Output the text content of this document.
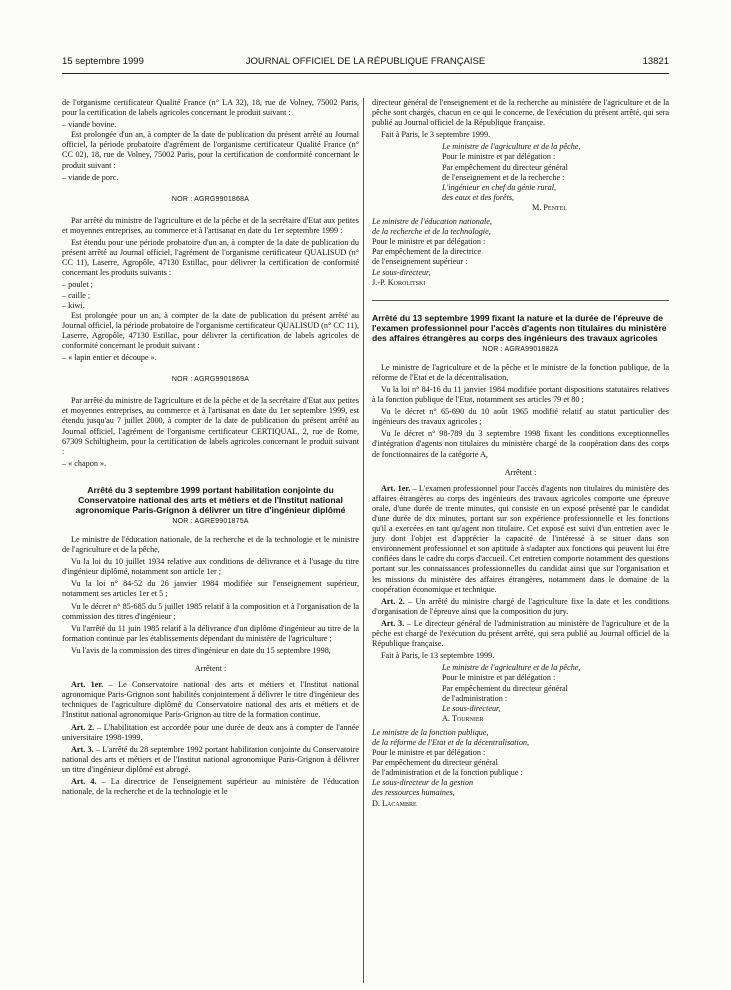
15 septembre 1999	JOURNAL OFFICIEL DE LA RÉPUBLIQUE FRANÇAISE	13821

de l'organisme certificateur Qualité France (n° LA 32), 18, rue de Volney, 75002 Paris, pour la certification de labels agricoles concernant le produit suivant :

– viande bovine.

Est prolongée d'un an, à compter de la date de publication du présent arrêté au Journal officiel, la période probatoire d'agrément de l'organisme certificateur Qualité France (n° CC 02), 18, rue de Volney, 75002 Paris, pour la certification de conformité concernant le produit suivant :

– viande de porc.

NOR : AGRG9901868A

Par arrêté du ministre de l'agriculture et de la pêche et de la secrétaire d'Etat aux petites et moyennes entreprises, au commerce et à l'artisanat en date du 1er septembre 1999 :

Est étendu pour une période probatoire d'un an, à compter de la date de publication du présent arrêté au Journal officiel, l'agrément de l'organisme certificateur QUALISUD (n° CC 11), Laserre, Agropôle, 47130 Estillac, pour délivrer la certification de conformité concernant les produits suivants :

– poulet ;

– caille ;

– kiwi.

Est prolongée pour un an, à compter de la date de publication du présent arrêté au Journal officiel, la période probatoire de l'organisme certificateur QUALISUD (n° CC 11), Laserre, Agropôle, 47130 Estillac, pour délivrer la certification de labels agricoles de conformité concernant le produit suivant :

– « lapin entier et découpe ».

NOR : AGRG9901869A

Par arrêté du ministre de l'agriculture et de la pêche et de la secrétaire d'Etat aux petites et moyennes entreprises, au commerce et à l'artisanat en date du 1er septembre 1999, est étendu jusqu'au 7 juillet 2000, à compter de la date de publication du présent arrêté au Journal officiel, l'agrément de l'organisme certificateur CERTIQUAL, 2, rue de Rome, 67309 Schiltigheim, pour la certification de labels agricoles concernant le produit suivant :

– « chapon ».

Arrêté du 3 septembre 1999 portant habilitation conjointe du Conservatoire national des arts et métiers et de l'Institut national agronomique Paris-Grignon à délivrer un titre d'ingénieur diplômé
NOR : AGRE9901875A

Le ministre de l'éducation nationale, de la recherche et de la technologie et le ministre de l'agriculture et de la pêche,

Vu la loi du 10 juillet 1934 relative aux conditions de délivrance et à l'usage du titre d'ingénieur diplômé, notamment son article 1er ;

Vu la loi n° 84-52 du 26 janvier 1984 modifiée sur l'enseignement supérieur, notamment ses articles 1er et 5 ;

Vu le décret n° 85-685 du 5 juillet 1985 relatif à la composition et à l'organisation de la commission des titres d'ingénieur ;

Vu l'arrêté du 11 juin 1985 relatif à la délivrance d'un diplôme d'ingénieur au titre de la formation continue par les établissements dépendant du ministère de l'agriculture ;

Vu l'avis de la commission des titres d'ingénieur en date du 15 septembre 1998,

Arrêtent :

Art. 1er. – Le Conservatoire national des arts et métiers et l'Institut national agronomique Paris-Grignon sont habilités conjointement à délivrer le titre d'ingénieur des techniques de l'agriculture diplômé du Conservatoire national des arts et métiers et de l'Institut national agronomique Paris-Grignon au titre de la formation continue.

Art. 2. – L'habilitation est accordée pour une durée de deux ans à compter de l'année universitaire 1998-1999.

Art. 3. – L'arrêté du 28 septembre 1992 portant habilitation conjointe du Conservatoire national des arts et métiers et de l'Institut national agronomique Paris-Grignon à délivrer un titre d'ingénieur diplômé est abrogé.

Art. 4. – La directrice de l'enseignement supérieur au ministère de l'éducation nationale, de la recherche et de la technologie et le

directeur général de l'enseignement et de la recherche au ministère de l'agriculture et de la pêche sont chargés, chacun en ce qui le concerne, de l'exécution du présent arrêté, qui sera publié au Journal officiel de la République française.

Fait à Paris, le 3 septembre 1999.

Le ministre de l'agriculture et de la pêche,

Pour le ministre et par délégation :

Par empêchement du directeur général

de l'enseignement et de la recherche :

L'ingénieur en chef du génie rural,

des eaux et des forêts,

M. Pentel

Le ministre de l'éducation nationale,

de la recherche et de la technologie,

Pour le ministre et par délégation :

Par empêchement de la directrice

de l'enseignement supérieur :

Le sous-directeur,

J.-P. Korolitski

Arrêté du 13 septembre 1999 fixant la nature et la durée de l'épreuve de l'examen professionnel pour l'accès d'agents non titulaires du ministère des affaires étrangères au corps des ingénieurs des travaux agricoles
NOR : AGRA9901882A

Le ministre de l'agriculture et de la pêche et le ministre de la fonction publique, de la réforme de l'Etat et de la décentralisation,

Vu la loi n° 84-16 du 11 janvier 1984 modifiée portant dispositions statutaires relatives à la fonction publique de l'Etat, notamment ses articles 79 et 80 ;

Vu le décret n° 65-690 du 10 août 1965 modifié relatif au statut particulier des ingénieurs des travaux agricoles ;

Vu le décret n° 98-789 du 3 septembre 1998 fixant les conditions exceptionnelles d'intégration d'agents non titulaires du ministère chargé de la coopération dans des corps de fonctionnaires de la catégorie A,

Arrêtent :

Art. 1er. – L'examen professionnel pour l'accès d'agents non titulaires du ministère des affaires étrangères au corps des ingénieurs des travaux agricoles comporte une épreuve orale, d'une durée de trente minutes, qui consiste en un exposé présenté par le candidat d'une durée de dix minutes, portant sur son expérience professionnelle et les fonctions qu'il a exercées en tant qu'agent non titulaire. Cet exposé est suivi d'un entretien avec le jury dont l'objet est d'apprécier la capacité de l'intéressé à se situer dans son environnement professionnel et son aptitude à s'adapter aux fonctions qui peuvent lui être confiées dans le cadre du corps d'accueil. Cet entretien comporte notamment des questions portant sur les connaissances professionnelles du candidat ainsi que sur l'organisation et les missions du ministère des affaires étrangères, notamment dans le domaine de la coopération économique et technique.

Art. 2. – Un arrêté du ministre chargé de l'agriculture fixe la date et les conditions d'organisation de l'épreuve ainsi que la composition du jury.

Art. 3. – Le directeur général de l'administration au ministère de l'agriculture et de la pêche est chargé de l'exécution du présent arrêté, qui sera publié au Journal officiel de la République française.

Fait à Paris, le 13 septembre 1999.

Le ministre de l'agriculture et de la pêche,

Pour le ministre et par délégation :

Par empêchement du directeur général

de l'administration :

Le sous-directeur,

A. Tournier

Le ministre de la fonction publique,

de la réforme de l'Etat et de la décentralisation,

Pour le ministre et par délégation :

Par empêchement du directeur général

de l'administration et de la fonction publique :

Le sous-directeur de la gestion

des ressources humaines,

D. Lacambre
